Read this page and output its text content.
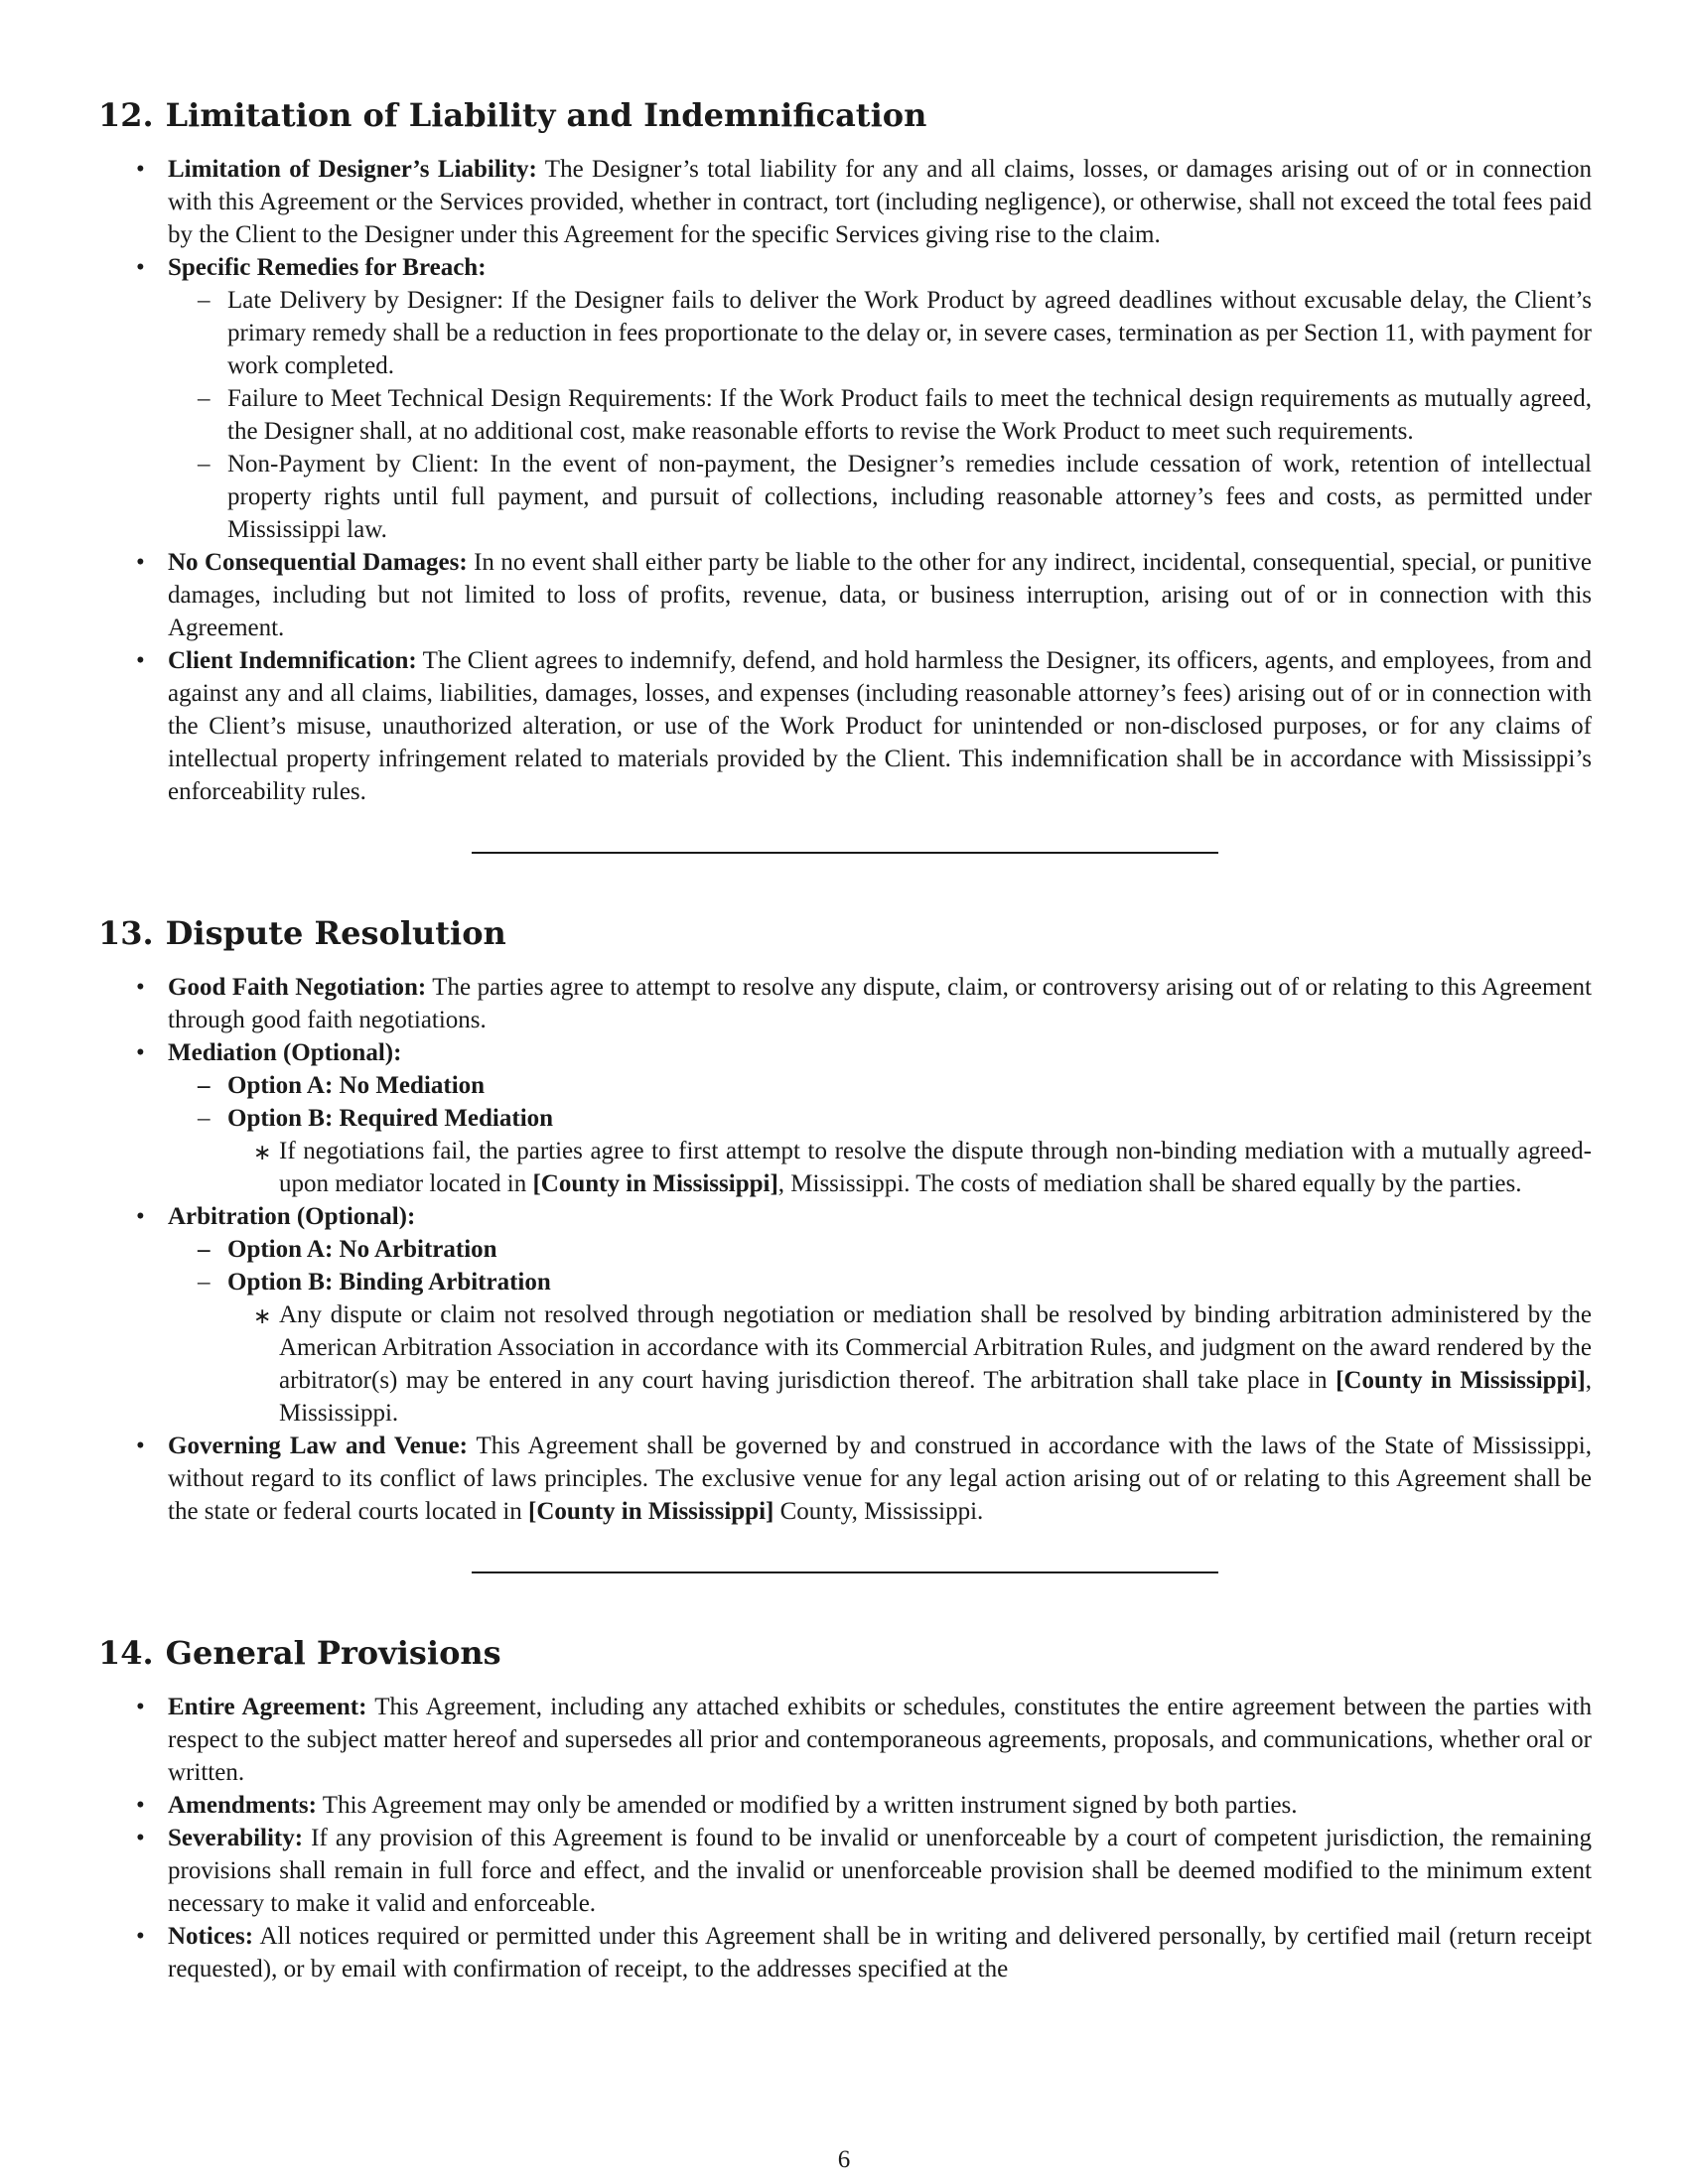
12. Limitation of Liability and Indemnification
• Limitation of Designer’s Liability: The Designer’s total liability for any and all claims, losses, or damages arising out of or in connection with this Agreement or the Services provided, whether in contract, tort (including negligence), or otherwise, shall not exceed the total fees paid by the Client to the Designer under this Agreement for the specific Services giving rise to the claim.
• Specific Remedies for Breach:
– Late Delivery by Designer: If the Designer fails to deliver the Work Product by agreed deadlines without excusable delay, the Client’s primary remedy shall be a reduction in fees proportionate to the delay or, in severe cases, termination as per Section 11, with payment for work completed.
– Failure to Meet Technical Design Requirements: If the Work Product fails to meet the technical design requirements as mutually agreed, the Designer shall, at no additional cost, make reasonable efforts to revise the Work Product to meet such requirements.
– Non-Payment by Client: In the event of non-payment, the Designer’s remedies include cessation of work, retention of intellectual property rights until full payment, and pursuit of collections, including reasonable attorney’s fees and costs, as permitted under Mississippi law.
• No Consequential Damages: In no event shall either party be liable to the other for any indirect, incidental, consequential, special, or punitive damages, including but not limited to loss of profits, revenue, data, or business interruption, arising out of or in connection with this Agreement.
• Client Indemnification: The Client agrees to indemnify, defend, and hold harmless the Designer, its officers, agents, and employees, from and against any and all claims, liabilities, damages, losses, and expenses (including reasonable attorney’s fees) arising out of or in connection with the Client’s misuse, unauthorized alteration, or use of the Work Product for unintended or non-disclosed purposes, or for any claims of intellectual property infringement related to materials provided by the Client. This indemnification shall be in accordance with Mississippi’s enforceability rules.
13. Dispute Resolution
• Good Faith Negotiation: The parties agree to attempt to resolve any dispute, claim, or controversy arising out of or relating to this Agreement through good faith negotiations.
• Mediation (Optional):
– Option A: No Mediation
– Option B: Required Mediation
∗ If negotiations fail, the parties agree to first attempt to resolve the dispute through non-binding mediation with a mutually agreed-upon mediator located in [County in Mississippi], Mississippi. The costs of mediation shall be shared equally by the parties.
• Arbitration (Optional):
– Option A: No Arbitration
– Option B: Binding Arbitration
∗ Any dispute or claim not resolved through negotiation or mediation shall be resolved by binding arbitration administered by the American Arbitration Association in accordance with its Commercial Arbitration Rules, and judgment on the award rendered by the arbitrator(s) may be entered in any court having jurisdiction thereof. The arbitration shall take place in [County in Mississippi], Mississippi.
• Governing Law and Venue: This Agreement shall be governed by and construed in accordance with the laws of the State of Mississippi, without regard to its conflict of laws principles. The exclusive venue for any legal action arising out of or relating to this Agreement shall be the state or federal courts located in [County in Mississippi] County, Mississippi.
14. General Provisions
• Entire Agreement: This Agreement, including any attached exhibits or schedules, constitutes the entire agreement between the parties with respect to the subject matter hereof and supersedes all prior and contemporaneous agreements, proposals, and communications, whether oral or written.
• Amendments: This Agreement may only be amended or modified by a written instrument signed by both parties.
• Severability: If any provision of this Agreement is found to be invalid or unenforceable by a court of competent jurisdiction, the remaining provisions shall remain in full force and effect, and the invalid or unenforceable provision shall be deemed modified to the minimum extent necessary to make it valid and enforceable.
• Notices: All notices required or permitted under this Agreement shall be in writing and delivered personally, by certified mail (return receipt requested), or by email with confirmation of receipt, to the addresses specified at the
6
